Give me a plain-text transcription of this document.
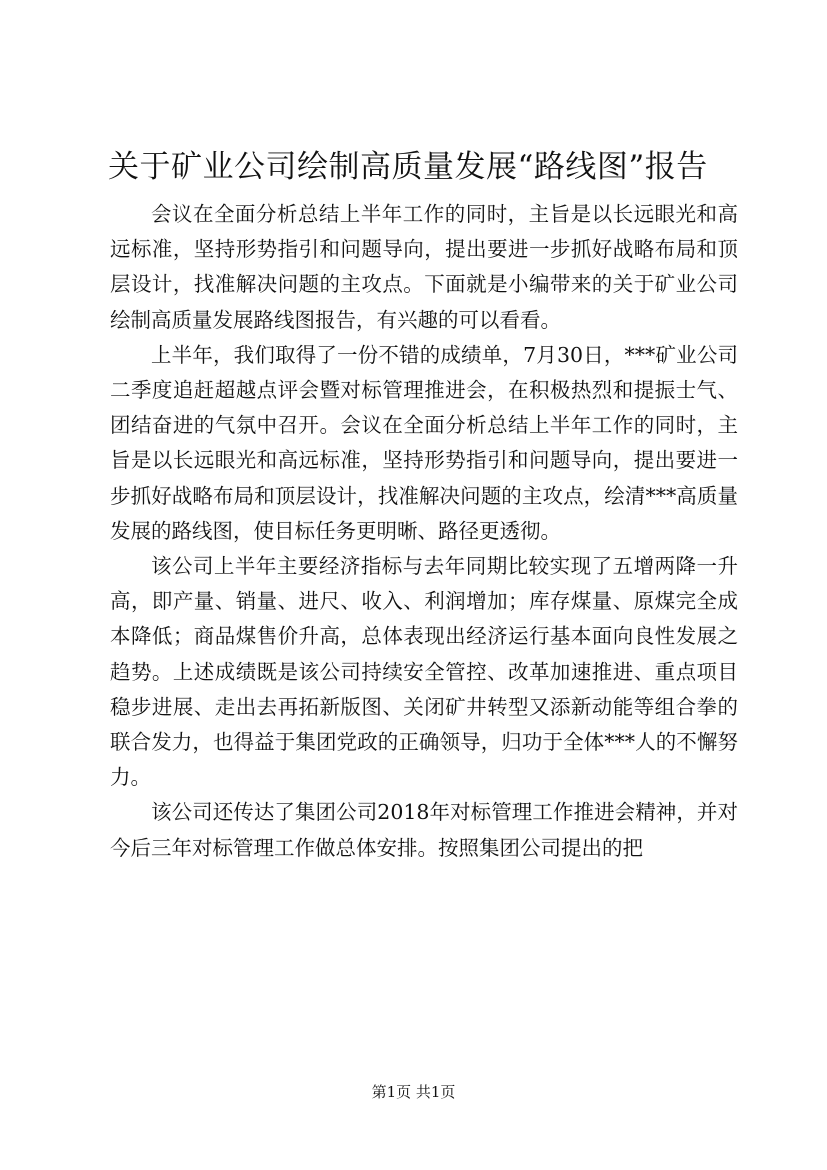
关于矿业公司绘制高质量发展“路线图”报告

会议在全面分析总结上半年工作的同时，主旨是以长远眼光和高远标准，坚持形势指引和问题导向，提出要进一步抓好战略布局和顶层设计，找准解决问题的主攻点。下面就是小编带来的关于矿业公司绘制高质量发展路线图报告，有兴趣的可以看看。

上半年，我们取得了一份不错的成绩单，7月30日，***矿业公司二季度追赶超越点评会暨对标管理推进会，在积极热烈和提振士气、团结奋进的气氛中召开。会议在全面分析总结上半年工作的同时，主旨是以长远眼光和高远标准，坚持形势指引和问题导向，提出要进一步抓好战略布局和顶层设计，找准解决问题的主攻点，绘清***高质量发展的路线图，使目标任务更明晰、路径更透彻。

该公司上半年主要经济指标与去年同期比较实现了五增两降一升高，即产量、销量、进尺、收入、利润增加；库存煤量、原煤完全成本降低；商品煤售价升高，总体表现出经济运行基本面向良性发展之趋势。上述成绩既是该公司持续安全管控、改革加速推进、重点项目稳步进展、走出去再拓新版图、关闭矿井转型又添新动能等组合拳的联合发力，也得益于集团党政的正确领导，归功于全体***人的不懈努力。

该公司还传达了集团公司2018年对标管理工作推进会精神，并对今后三年对标管理工作做总体安排。按照集团公司提出的把

第1页 共1页
